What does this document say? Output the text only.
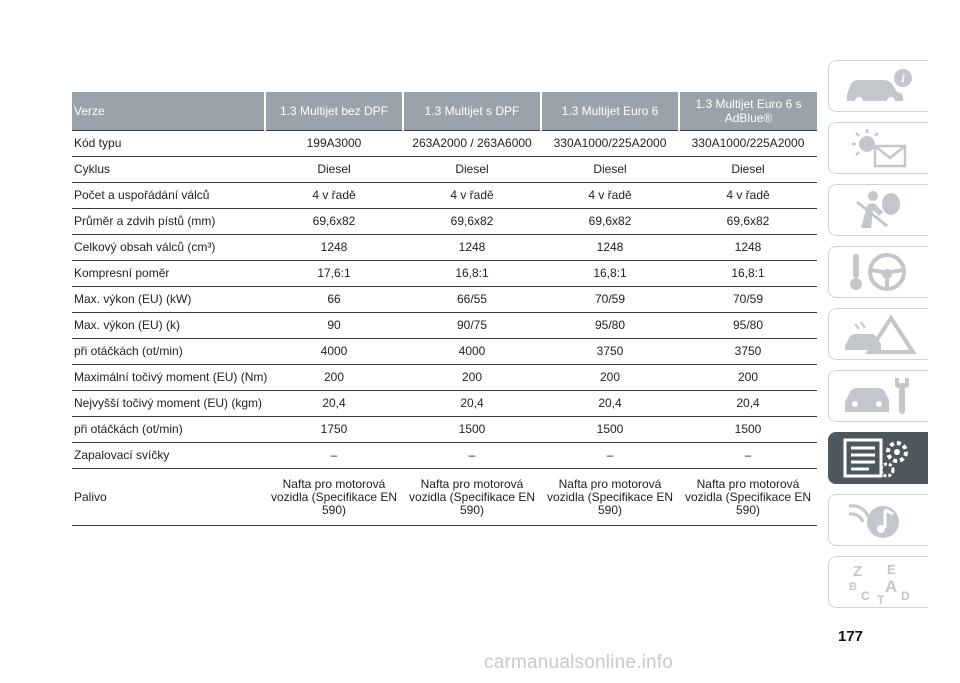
Verze	1.3 Multijet bez DPF	1.3 Multijet s DPF	1.3 Multijet Euro 6	1.3 Multijet Euro 6 s AdBlue®
Kód typu	199A3000	263A2000 / 263A6000	330A1000/225A2000	330A1000/225A2000
Cyklus	Diesel	Diesel	Diesel	Diesel
Počet a uspořádání válců	4 v řadě	4 v řadě	4 v řadě	4 v řadě
Průměr a zdvih pístů (mm)	69,6x82	69,6x82	69,6x82	69,6x82
Celkový obsah válců (cm³)	1248	1248	1248	1248
Kompresní poměr	17,6:1	16,8:1	16,8:1	16,8:1
Max. výkon (EU) (kW)	66	66/55	70/59	70/59
Max. výkon (EU) (k)	90	90/75	95/80	95/80
při otáčkách (ot/min)	4000	4000	3750	3750
Maximální točivý moment (EU) (Nm)	200	200	200	200
Nejvyšší točivý moment (EU) (kgm)	20,4	20,4	20,4	20,4
při otáčkách (ot/min)	1750	1500	1500	1500
Zapalovací svíčky	–	–	–	–
Palivo	Nafta pro motorová vozidla (Specifikace EN 590)	Nafta pro motorová vozidla (Specifikace EN 590)	Nafta pro motorová vozidla (Specifikace EN 590)	Nafta pro motorová vozidla (Specifikace EN 590)
i
Z E
B A
C	D
T
177
carmanualsonline.info
